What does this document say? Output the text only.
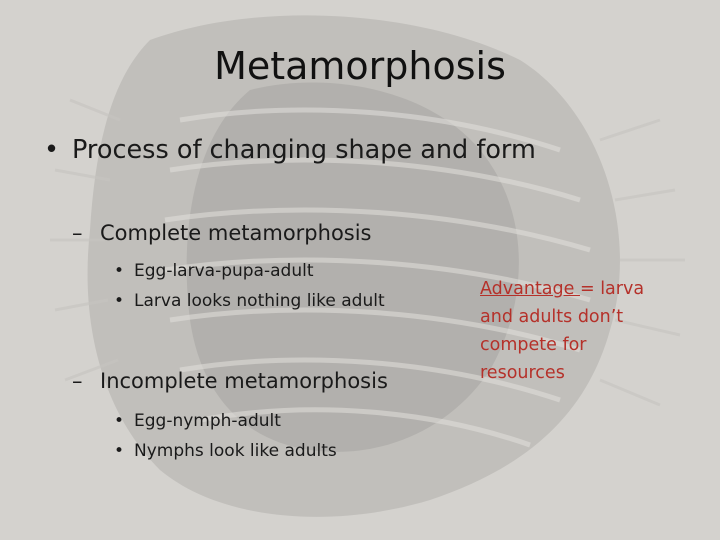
Metamorphosis
• Process of changing shape and form
– Complete metamorphosis
• Egg-larva-pupa-adult
• Larva looks nothing like adult
– Incomplete metamorphosis
• Egg-nymph-adult
• Nymphs look like adults
Advantage = larva
and adults don’t
compete for
resources
